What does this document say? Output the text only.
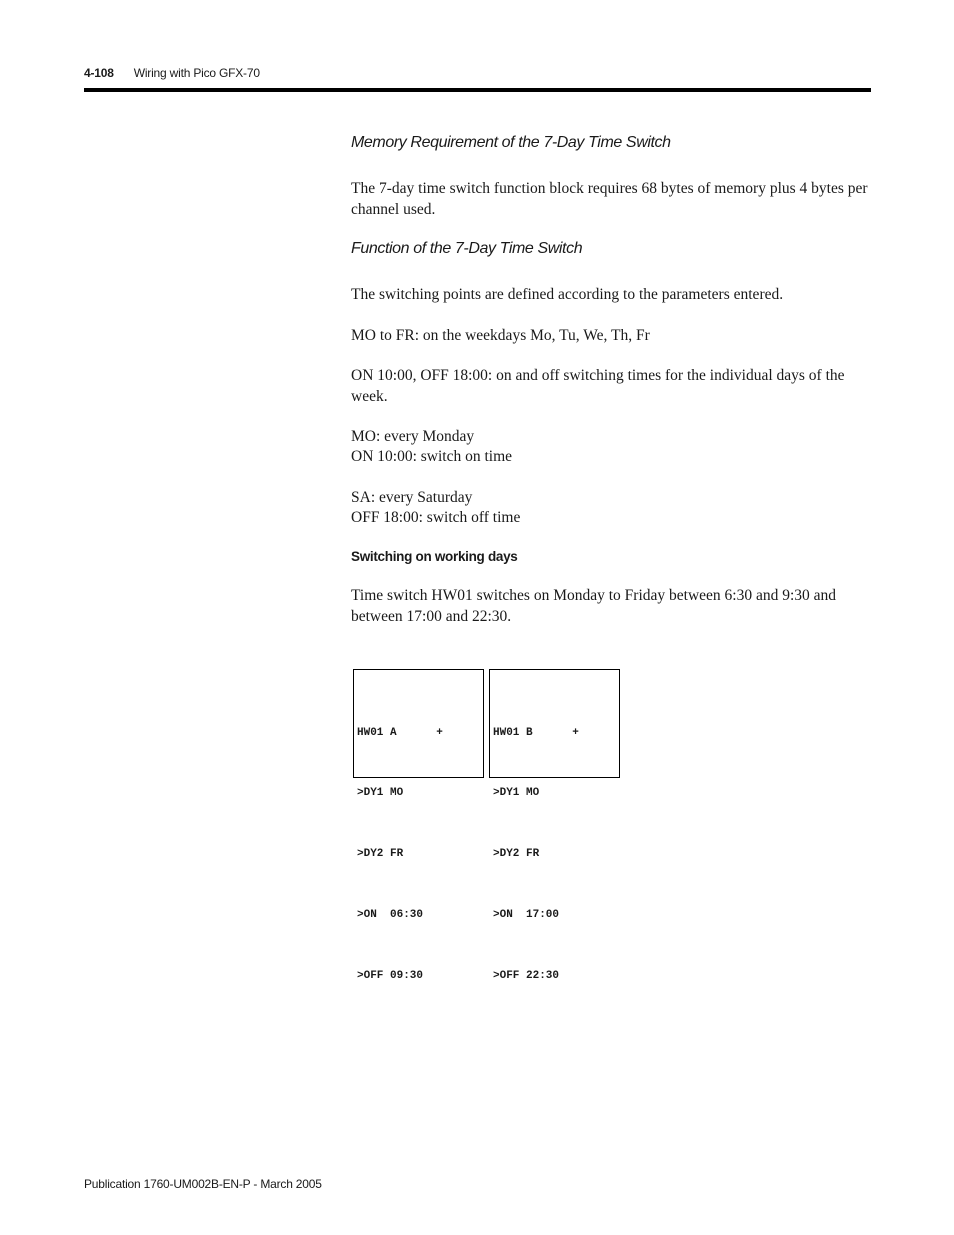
4-108 Wiring with Pico GFX-70
Memory Requirement of the 7-Day Time Switch
The 7-day time switch function block requires 68 bytes of memory plus 4 bytes per channel used.
Function of the 7-Day Time Switch
The switching points are defined according to the parameters entered.
MO to FR: on the weekdays Mo, Tu, We, Th, Fr
ON 10:00, OFF 18:00: on and off switching times for the individual days of the week.
MO: every Monday
ON 10:00: switch on time
SA: every Saturday
OFF 18:00: switch off time
Switching on working days
Time switch HW01 switches on Monday to Friday between 6:30 and 9:30 and between 17:00 and 22:30.

HW01 A      +

>DY1 MO

>DY2 FR

>ON  06:30

>OFF 09:30

HW01 B      +

>DY1 MO

>DY2 FR

>ON  17:00

>OFF 22:30

Publication 1760-UM002B-EN-P - March 2005
